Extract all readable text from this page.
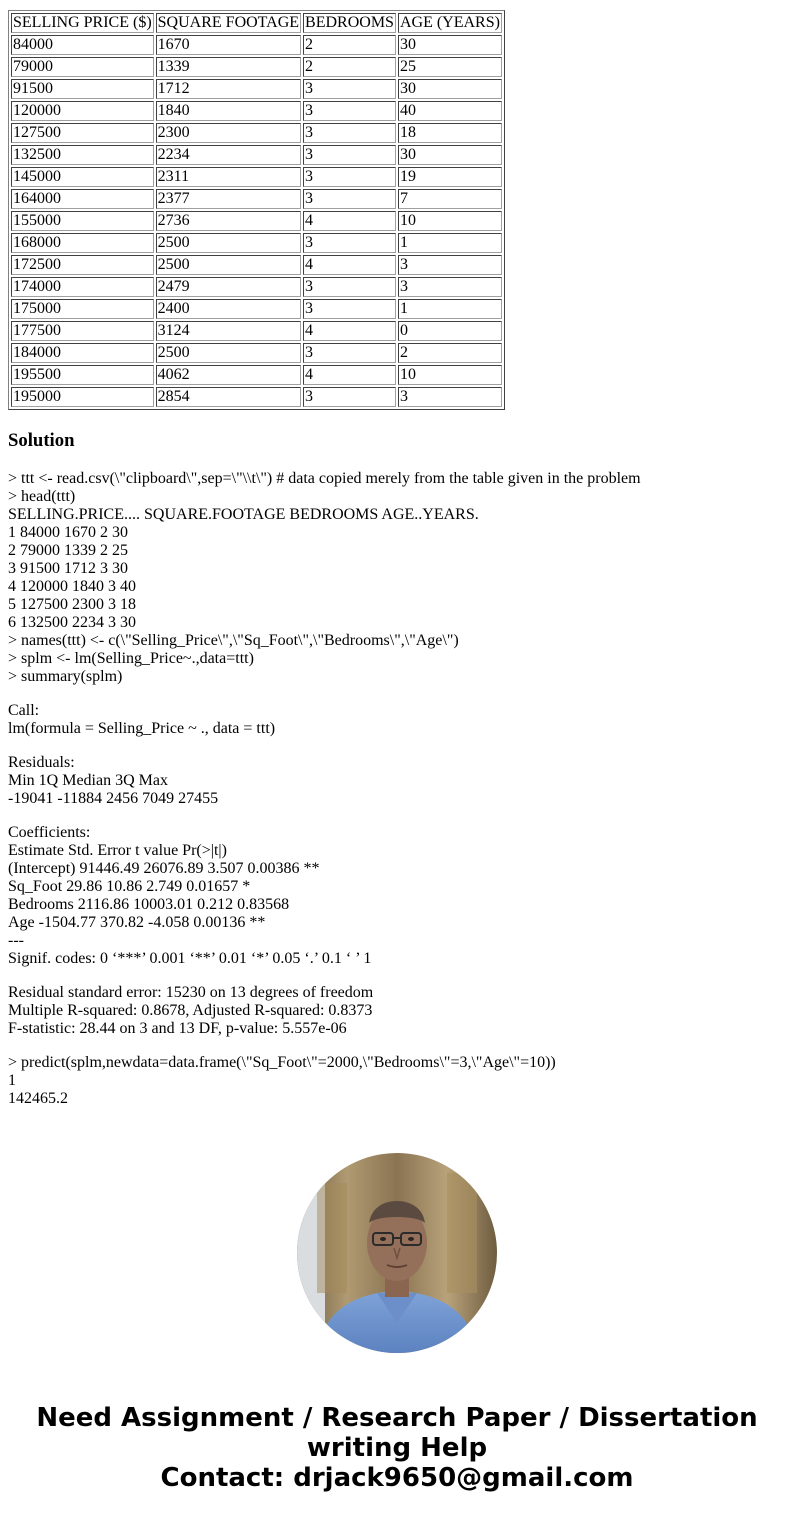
SELLING PRICE ($)	SQUARE FOOTAGE	BEDROOMS	AGE (YEARS)
84000	1670	2	30
79000	1339	2	25
91500	1712	3	30
120000	1840	3	40
127500	2300	3	18
132500	2234	3	30
145000	2311	3	19
164000	2377	3	7
155000	2736	4	10
168000	2500	3	1
172500	2500	4	3
174000	2479	3	3
175000	2400	3	1
177500	3124	4	0
184000	2500	3	2
195500	4062	4	10
195000	2854	3	3
Solution
> ttt <- read.csv(\"clipboard\",sep=\"\\t\") # data copied merely from the table given in the problem
> head(ttt)
SELLING.PRICE.... SQUARE.FOOTAGE BEDROOMS AGE..YEARS.
1 84000 1670 2 30
2 79000 1339 2 25
3 91500 1712 3 30
4 120000 1840 3 40
5 127500 2300 3 18
6 132500 2234 3 30
> names(ttt) <- c(\"Selling_Price\",\"Sq_Foot\",\"Bedrooms\",\"Age\")
> splm <- lm(Selling_Price~.,data=ttt)
> summary(splm)
Call:
lm(formula = Selling_Price ~ ., data = ttt)
Residuals:
Min 1Q Median 3Q Max
-19041 -11884 2456 7049 27455
Coefficients:
Estimate Std. Error t value Pr(>|t|)
(Intercept) 91446.49 26076.89 3.507 0.00386 **
Sq_Foot 29.86 10.86 2.749 0.01657 *
Bedrooms 2116.86 10003.01 0.212 0.83568
Age -1504.77 370.82 -4.058 0.00136 **
---
Signif. codes: 0 ‘***’ 0.001 ‘**’ 0.01 ‘*’ 0.05 ‘.’ 0.1 ‘ ’ 1
Residual standard error: 15230 on 13 degrees of freedom
Multiple R-squared: 0.8678, Adjusted R-squared: 0.8373
F-statistic: 28.44 on 3 and 13 DF, p-value: 5.557e-06
> predict(splm,newdata=data.frame(\"Sq_Foot\"=2000,\"Bedrooms\"=3,\"Age\"=10))
1
142465.2
Need Assignment / Research Paper / Dissertation
writing Help
Contact: drjack9650@gmail.com
